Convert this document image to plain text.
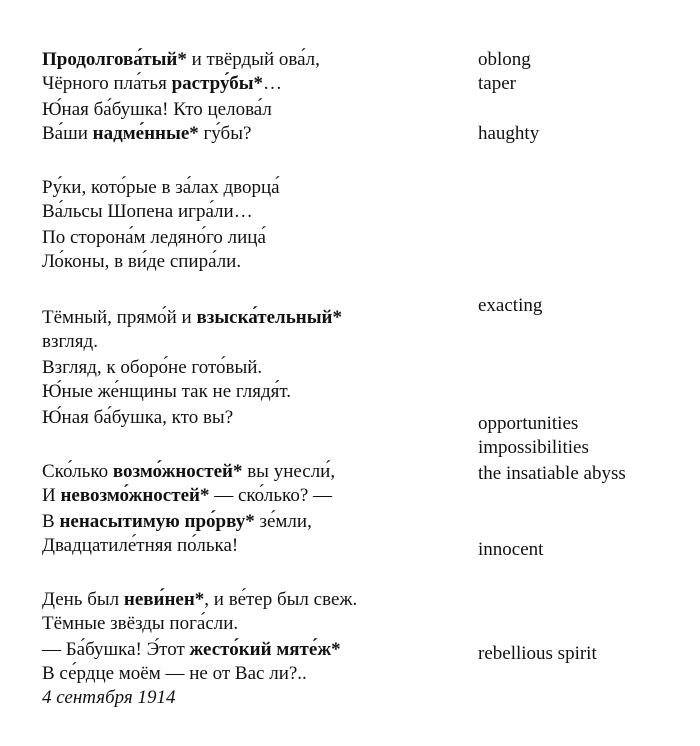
Продолгова́тый* и твёрдый ова́л,
Чёрного пла́тья растру́бы*…
Ю́ная ба́бушка! Кто целова́л
Ва́ши надме́нные* гу́бы?
Ру́ки, кото́рые в за́лах дворца́
Ва́льсы Шопена игра́ли…
По сторона́м ледяно́го лица́
Ло́коны, в ви́де спира́ли.
Тёмный, прямо́й и взыска́тельный*
взгляд.
Взгляд, к оборо́не гото́вый.
Ю́ные же́нщины так не глядя́т.
Ю́ная ба́бушка, кто вы?
Ско́лько возмо́жностей* вы унесли́,
И невозмо́жностей* — ско́лько? —
В ненасытимую про́рву* зе́мли,
Двадцатиле́тняя по́лька!
День был неви́нен*, и ве́тер был свеж.
Тёмные звёзды пога́сли.
— Ба́бушка! Э́тот жесто́кий мяте́ж*
В се́рдце моём — не от Вас ли?..
4 сентября 1914
oblong
taper
haughty
exacting
opportunities
impossibilities
the insatiable abyss
innocent
rebellious spirit
